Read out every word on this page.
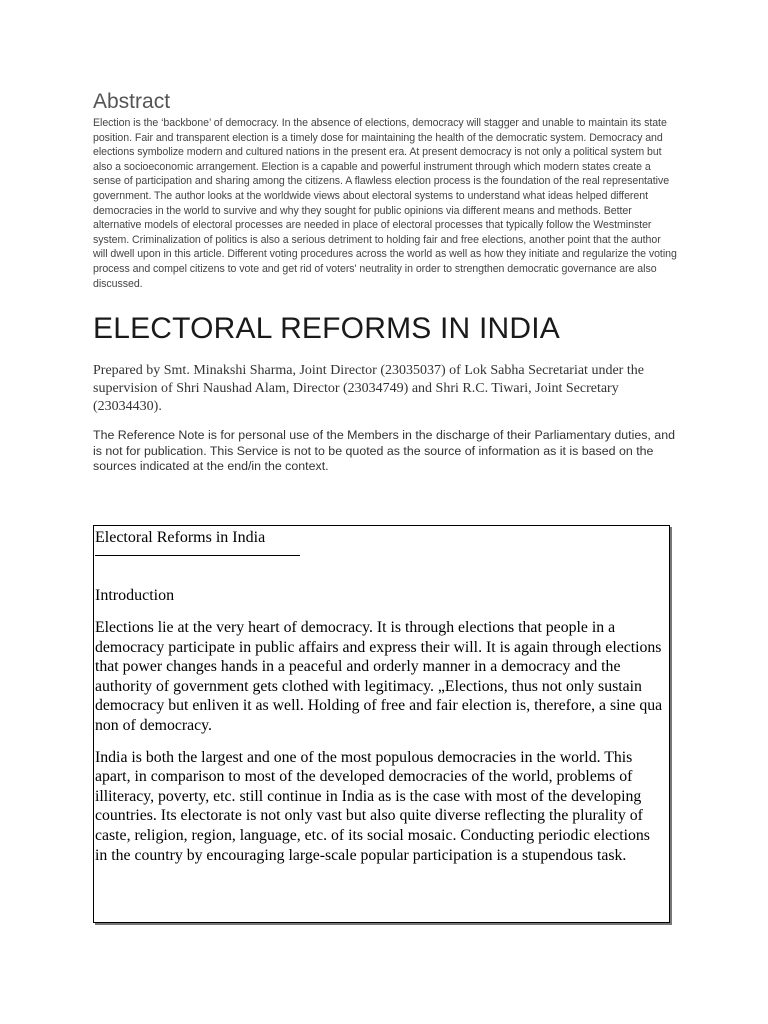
Abstract

Election is the ‘backbone’ of democracy. In the absence of elections, democracy will stagger and unable to maintain its state position. Fair and transparent election is a timely dose for maintaining the health of the democratic system. Democracy and elections symbolize modern and cultured nations in the present era. At present democracy is not only a political system but also a socioeconomic arrangement. Election is a capable and powerful instrument through which modern states create a sense of participation and sharing among the citizens. A flawless election process is the foundation of the real representative government. The author looks at the worldwide views about electoral systems to understand what ideas helped different democracies in the world to survive and why they sought for public opinions via different means and methods. Better alternative models of electoral processes are needed in place of electoral processes that typically follow the Westminster system. Criminalization of politics is also a serious detriment to holding fair and free elections, another point that the author will dwell upon in this article. Different voting procedures across the world as well as how they initiate and regularize the voting process and compel citizens to vote and get rid of voters' neutrality in order to strengthen democratic governance are also discussed.

ELECTORAL REFORMS IN INDIA

Prepared by Smt. Minakshi Sharma, Joint Director (23035037) of Lok Sabha Secretariat under the supervision of Shri Naushad Alam, Director (23034749) and Shri R.C. Tiwari, Joint Secretary (23034430).

The Reference Note is for personal use of the Members in the discharge of their Parliamentary duties, and is not for publication. This Service is not to be quoted as the source of information as it is based on the sources indicated at the end/in the context.

Electoral Reforms in India

Introduction

Elections lie at the very heart of democracy. It is through elections that people in a democracy participate in public affairs and express their will. It is again through elections that power changes hands in a peaceful and orderly manner in a democracy and the authority of government gets clothed with legitimacy. „Elections, thus not only sustain democracy but enliven it as well. Holding of free and fair election is, therefore, a sine qua non of democracy.

India is both the largest and one of the most populous democracies in the world. This apart, in comparison to most of the developed democracies of the world, problems of illiteracy, poverty, etc. still continue in India as is the case with most of the developing countries. Its electorate is not only vast but also quite diverse reflecting the plurality of caste, religion, region, language, etc. of its social mosaic. Conducting periodic elections in the country by encouraging large-scale popular participation is a stupendous task.
